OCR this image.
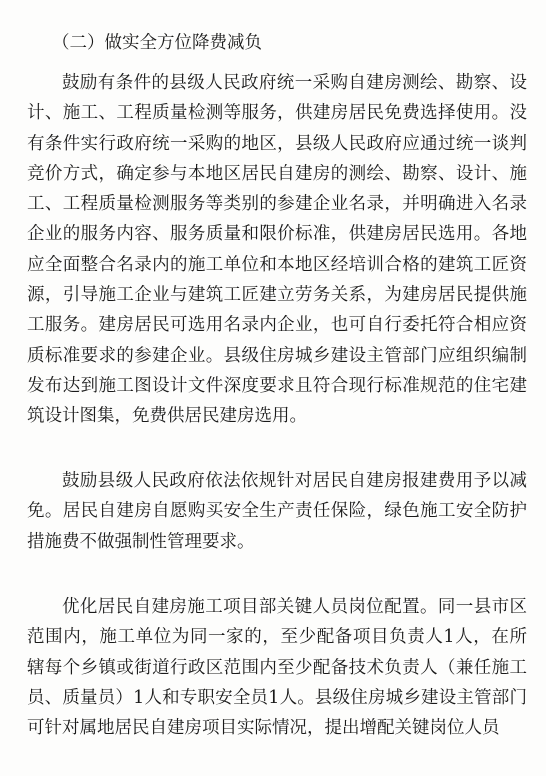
（二）做实全方位降费减负

鼓励有条件的县级人民政府统一采购自建房测绘、勘察、设计、施工、工程质量检测等服务，供建房居民免费选择使用。没有条件实行政府统一采购的地区，县级人民政府应通过统一谈判竞价方式，确定参与本地区居民自建房的测绘、勘察、设计、施工、工程质量检测服务等类别的参建企业名录，并明确进入名录企业的服务内容、服务质量和限价标准，供建房居民选用。各地应全面整合名录内的施工单位和本地区经培训合格的建筑工匠资源，引导施工企业与建筑工匠建立劳务关系，为建房居民提供施工服务。建房居民可选用名录内企业，也可自行委托符合相应资质标准要求的参建企业。县级住房城乡建设主管部门应组织编制发布达到施工图设计文件深度要求且符合现行标准规范的住宅建筑设计图集，免费供居民建房选用。

鼓励县级人民政府依法依规针对居民自建房报建费用予以减免。居民自建房自愿购买安全生产责任保险，绿色施工安全防护措施费不做强制性管理要求。

优化居民自建房施工项目部关键人员岗位配置。同一县市区范围内，施工单位为同一家的，至少配备项目负责人1人，在所辖每个乡镇或街道行政区范围内至少配备技术负责人（兼任施工员、质量员）1人和专职安全员1人。县级住房城乡建设主管部门可针对属地居民自建房项目实际情况，提出增配关键岗位人员
